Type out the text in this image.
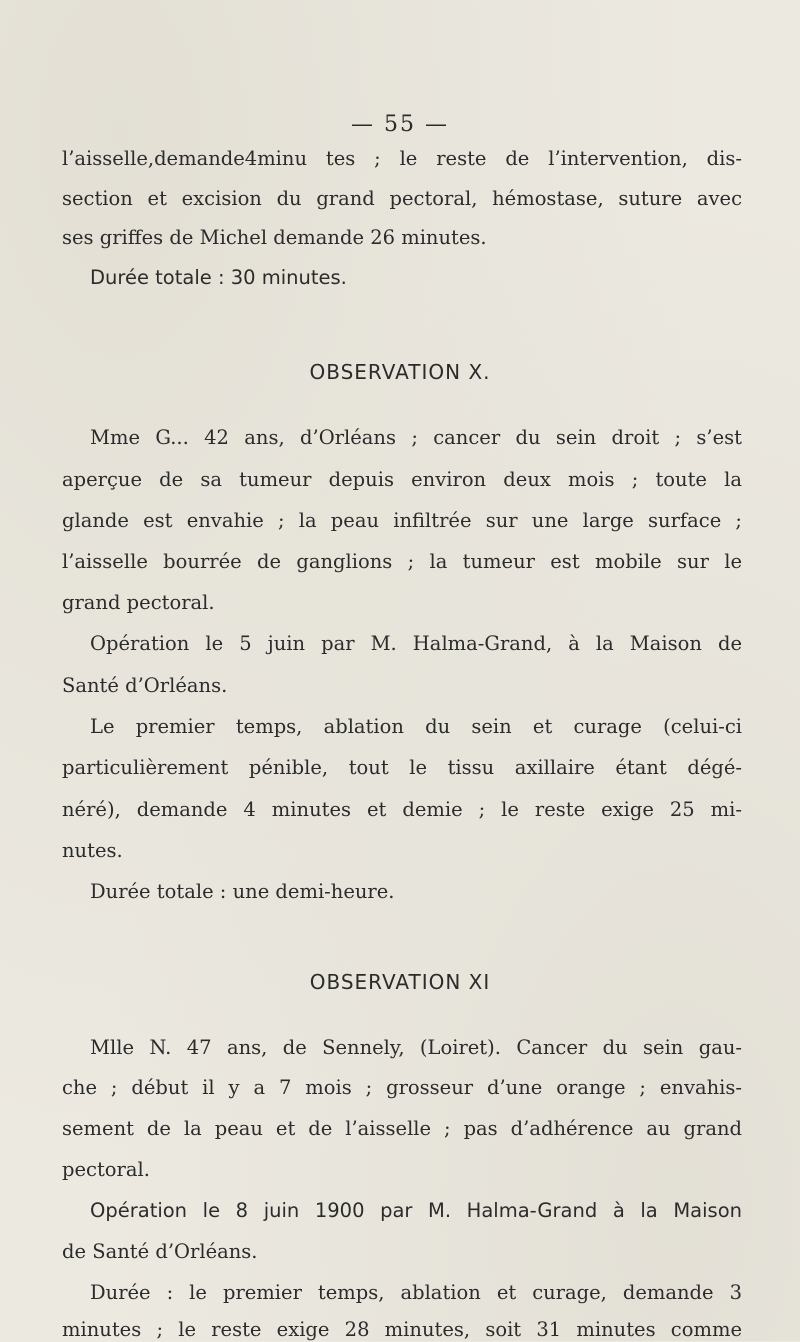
— 55 —
l’aisselle,demande4minu tes ; le reste de l’intervention, dis-
section et excision du grand pectoral, hémostase, suture avec
ses griffes de Michel demande 26 minutes.
Durée totale : 30 minutes.
OBSERVATION X.
Mme G... 42 ans, d’Orléans ; cancer du sein droit ; s’est
aperçue de sa tumeur depuis environ deux mois ; toute la
glande est envahie ; la peau infiltrée sur une large surface ;
l’aisselle bourrée de ganglions ; la tumeur est mobile sur le
grand pectoral.
Opération le 5 juin par M. Halma-Grand, à la Maison de
Santé d’Orléans.
Le premier temps, ablation du sein et curage (celui-ci
particulièrement pénible, tout le tissu axillaire étant dégé-
néré), demande 4 minutes et demie ; le reste exige 25 mi-
nutes.
Durée totale : une demi-heure.
OBSERVATION XI
Mlle N. 47 ans, de Sennely, (Loiret). Cancer du sein gau-
che ; début il y a 7 mois ; grosseur d’une orange ; envahis-
sement de la peau et de l’aisselle ; pas d’adhérence au grand
pectoral.
Opération le 8 juin 1900 par M. Halma-Grand à la Maison
de Santé d’Orléans.
Durée : le premier temps, ablation et curage, demande 3
minutes ; le reste exige 28 minutes, soit 31 minutes comme
